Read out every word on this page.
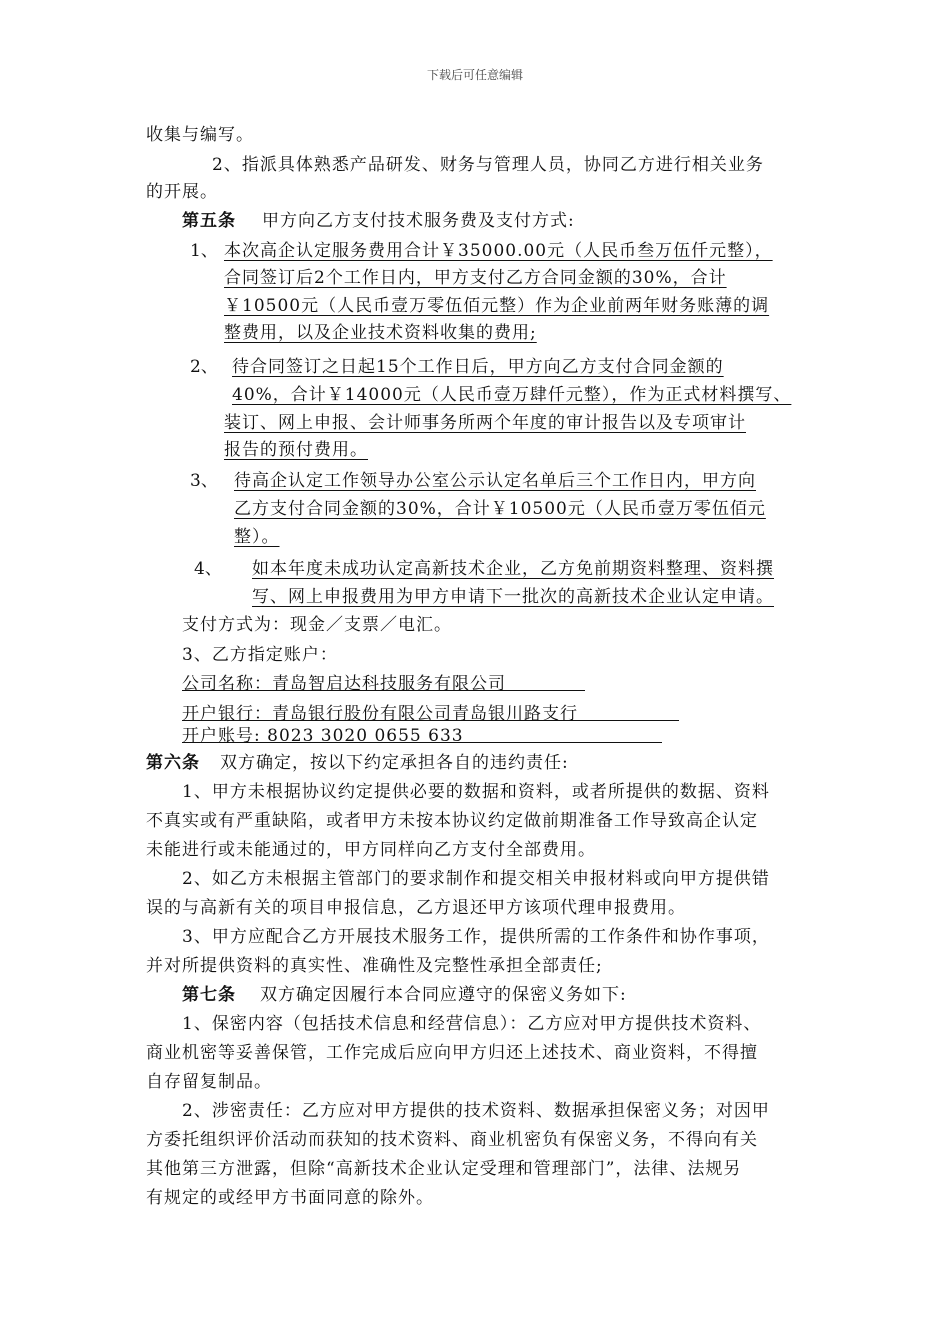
下载后可任意编辑
收集与编写。
2、指派具体熟悉产品研发、财务与管理人员，协同乙方进行相关业务
的开展。
第五条 甲方向乙方支付技术服务费及支付方式:
1、 本次高企认定服务费用合计￥35000.00元（人民币叁万伍仟元整），
合同签订后2个工作日内，甲方支付乙方合同金额的30%，合计
￥10500元（人民币壹万零伍佰元整）作为企业前两年财务账薄的调
整费用，以及企业技术资料收集的费用;
2、 待合同签订之日起15个工作日后，甲方向乙方支付合同金额的
40%，合计￥14000元（人民币壹万肆仟元整），作为正式材料撰写、
装订、网上申报、会计师事务所两个年度的审计报告以及专项审计
报告的预付费用。
3、 待高企认定工作领导办公室公示认定名单后三个工作日内，甲方向
乙方支付合同金额的30%，合计￥10500元（人民币壹万零伍佰元
整）。
4、 如本年度未成功认定高新技术企业，乙方免前期资料整理、资料撰
写、网上申报费用为甲方申请下一批次的高新技术企业认定申请。
支付方式为：现金／支票／电汇。
3、乙方指定账户：
公司名称：青岛智启达科技服务有限公司
开户银行：青岛银行股份有限公司青岛银川路支行
开户账号: 8023 3020 0655 633
第六条 双方确定，按以下约定承担各自的违约责任:
1、甲方未根据协议约定提供必要的数据和资料，或者所提供的数据、资料
不真实或有严重缺陷，或者甲方未按本协议约定做前期准备工作导致高企认定
未能进行或未能通过的，甲方同样向乙方支付全部费用。
2、如乙方未根据主管部门的要求制作和提交相关申报材料或向甲方提供错
误的与高新有关的项目申报信息，乙方退还甲方该项代理申报费用。
3、甲方应配合乙方开展技术服务工作，提供所需的工作条件和协作事项，
并对所提供资料的真实性、准确性及完整性承担全部责任;
第七条 双方确定因履行本合同应遵守的保密义务如下:
1、保密内容（包括技术信息和经营信息）：乙方应对甲方提供技术资料、
商业机密等妥善保管，工作完成后应向甲方归还上述技术、商业资料，不得擅
自存留复制品。
2、涉密责任：乙方应对甲方提供的技术资料、数据承担保密义务；对因甲
方委托组织评价活动而获知的技术资料、商业机密负有保密义务，不得向有关
其他第三方泄露，但除“高新技术企业认定受理和管理部门”，法律、法规另
有规定的或经甲方书面同意的除外。
